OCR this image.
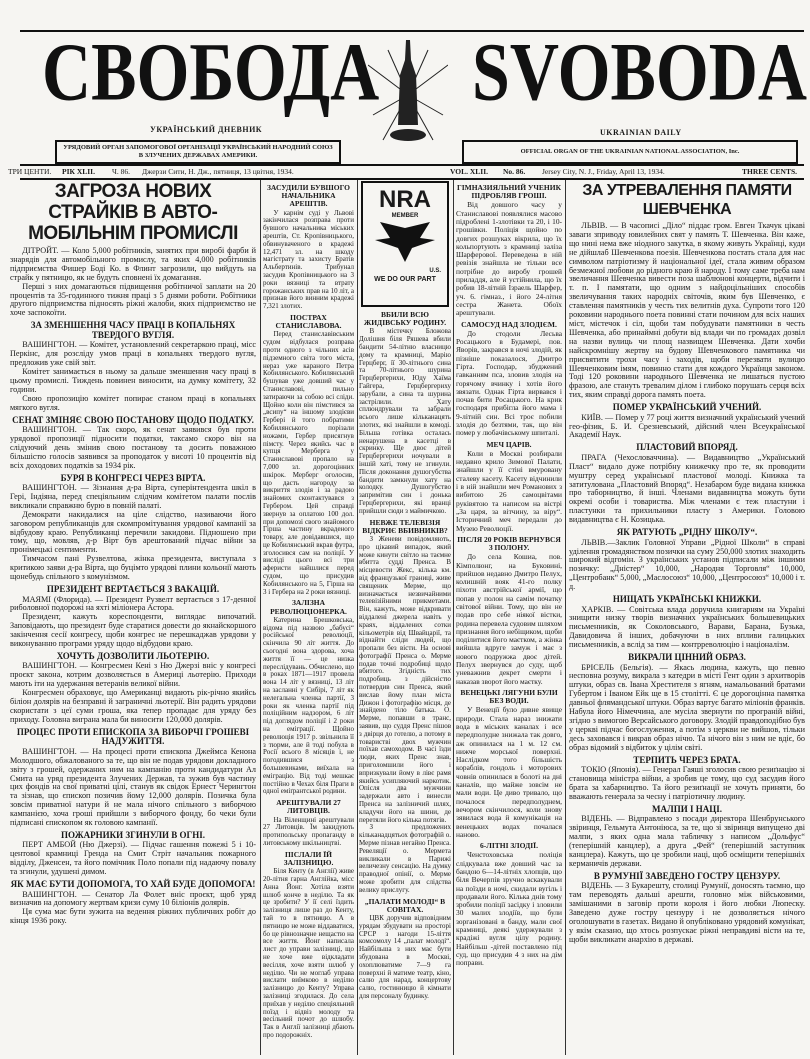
СВОБОДА SVOBODA
УКРАЇНСЬКИЙ ДНЕВНИК	UKRAINIAN DAILY
УРЯДОВИЙ ОРГАН ЗАПОМОГОВОЇ ОРГАНІЗАЦІЇ УКРАЇНСЬКИЙ НАРОДНИЙ СОЮЗ В ЗЛУЧЕНИХ ДЕРЖАВАХ АМЕРИКИ.
OFFICIAL ORGAN OF THE UKRAINIAN NATIONAL ASSOCIATION, Inc.
ТРИ ЦЕНТИ. РІК XLII. Ч. 86. Джерзи Сити, Н. Дж., пятниця, 13 цвітня, 1934.	VOL. XLII. No. 86. Jersey City, N. J., Friday, April 13, 1934.	THREE CENTS.
ЗАГРОЗА НОВИХ СТРАЙКІВ В АВТОМОБІЛЬНІМ ПРОМИСЛІ

ДІТРОЙТ. — Коло 5,000 робітників, занятих при виробі фарби й знарядів для автомобільного промислу, та яких 4,000 робітників підприємства Фишер Боді Ко. в Флинт загрозили, що вийдуть на страйк у пятницю, як не будуть сповнені їх домагання.

Перші з них домагаються підвищення робітничої заплати на 20 процентів та 35-годинного тижня праці з 5 днями роботи. Робітники другого підприємства підносять ріжні жалоби, яких підприємство не хоче заспокоїти.

ЗА ЗМЕНШЕННЯ ЧАСУ ПРАЦІ В КОПАЛЬНЯХ ТВЕРДОГО ВУГЛЯ.

ВАШИНГТОН. — Комітет, установлений секретаркою праці, місс Перкінс, для розсліду умов праці в копальнях твердого вугля, предложив уже свій звіт.

Комітет занимається в ньому за дальше зменшення часу праці в цьому промислі. Тиждень повинен виносити, на думку комітету, 32 години.

Свою пропозицію комітет попирає станом праці в копальнях мягкого вугля.

СЕНАТ ЗМІНЯЄ СВОЮ ПОСТАНОВУ ЩОДО ПОДАТКУ.

ВАШИНГТОН. — Так скоро, як сенат заявився був проти урядової пропозиції підносити податки, таксамо скоро він на слідуючий день змінив свою постанову та досить поважною більшістю голосів заявився за проподаток у висоті 10 процентів від всіх доходових податків за 1934 рік.

БУРЯ В КОНГРЕСІ ЧЕРЕЗ ВІРТА.

ВАШИНГТОН. — Зізнання д-ра Вірта, суперінтендента шкіл в Гері, Індіяна, перед спеціяльним слідчим комітетом палати послів викликали справжню бурю в повній палаті.

Демократи накидалися на ціле слідство, називаючи його заговором републиканців для скомпромітування урядової кампанії за відбудову краю. Републиканці перечили закидови. Підношено при тому, що, мовляв, д-р Вірт був арештований підчас війни за пронімецькі сентименти.

Тимчасом пані Рузвелтова, жінка президента, виступала з критикою заяви д-ра Вірта, що буцімто урядові плини кольонії мають щонебудь спільного з комунізмом.

ПРЕЗИДЕНТ ВЕРТАЄТЬСЯ З ВАКАЦІЙ.

МАЯМІ (Флорида). — Президент Рузвелт вертається з 17-денної риболовної подорожі на яхті міліонера Астора.

Президент, кажуть кореспонденти, виглядає випочатий. Заповідають, що президент буде старатися довести до якнайскоршого закінчення сесії конгресу, щоби конгрес не перешкаджав урядови у виконуванню програми уряду щодо відбудови краю.

ХОЧУТЬ ДОЗВОЛИТИ ЛЬОТЕРІЮ.

ВАШИНГТОН. — Конгресмен Кені з Ню Джерзі вніс у конгресі проєкт закона, котрим дозволяється в Америці льотерію. Приходи мають іти на удержання ветеранів великої війни.

Конгресмен обраховує, що Американці видають рік-річно якийсь біліон долярів на безправні й заграничні льотерії. Він радить урядови скористати з цеї суми гроша, яка тепер пропадає для уряду без приходу. Головна виграна мала би виносити 120,000 долярів.

ПРОЦЕС ПРОТИ ЕПИСКОПА ЗА ВИБОРЧІ ГРОШЕВІ НАДУЖИТТЯ.

ВАШИНГТОН. — На процесі проти єпископа Джеймса Кенона Молодшого, обжалованого за те, що він не подав урядови докладного звіту з грошей, одержаних ним на кампанію проти кандидатури Ал Смита на уряд президента Злучених Держав, та зужив був частину цих фондів на свої приватні цілі, станув як свідок Ернест Черингтон та зізнав, що єпископ позичив йому 12,000 долярів. Позичка була зовсім приватної натури й не мала нічого спільного з виборчою кампанією, хоча гроші прийшли з виборчого фонду, бо чеки були підписані єпископом як головою кампанії.

ПОЖАРНИКИ ЗГИНУЛИ В ОГНІ.

ПЕРТ АМБОЙ (Ню Джерзі). — Підчас гашення пожежі 5 і 10-центової крамниці Гренда на Смит Стріт начальник пожарного відділу, Дженсен, та його помічник Поло попали під надаючу повалу та згинули, удушені димом.

ЯК МАЄ БУТИ ДОПОМОГА, ТО ХАЙ БУДЕ ДОПОМОГА!

ВАШИНГТОН. — Сенатор Ла Фолет вніс проєкт, щоб уряд визначив на допомогу жертвам кризи суму 10 біліонів долярів.

Ця сума має бути зужита на ведення ріжних публичних робіт до кінця 1936 року.

ЗАСУДИЛИ БУВШОГО НАЧАЛЬНИКА АРЕШТІВ.

У карнім суді у Львові закінчилася розправа проти бувшого начальника міських арештів, Ст. Кропівницького, обвинуваченого в крадежі 12,471 зл. на шкоду магістрату та захисту Братів Альбертинів. Трибунал засудив Кропівницького на 3 роки вязниці та втрату горожанських прав на 10 літ, а признав його винним крадежі 7,321 злотих.

ПОСТРАХ СТАНИСЛАВОВА.

Перед станиславівським судом відбулася розправа проти одного з чільних асів підземного світа того міста, нераз уже караного Петра Кобилянського. Кобилянський бушував уже довший час у Станиславові, пильно затираючи за собою всі сліди. Щойно коли він пімстився за „всипу“ на іншому злодієви Гербері й того побратими Кобилянського порізали ножами, Гербер присягнув пімсту. Через якийсь час в купця Мерберга у Станиславові пропало на 7,000 зл. дорогоцінних шкірок. Мерберг оголосив, що дасть нагороду за викриття злодія і за радою знайомих сконтактувався з Гербером. Цей справді звернув за оплатою 100 дол. при допомозі свого знайомого Гірша частину вкраденого товару, але довідавшися, що це Кобилянський вкрав футра, зголосився сам на поліції. У висліді цього всі три аферисти найшлися перед судом, що присудив Кобилянського на 5, Гірша на 3 і Гербера на 2 роки вязниці.

ЗАЛІЗНА РЕВОЛЮЦІОНЕРКА.

Катерина Брешковська, відома під назвою „бабусі“ російської революції, скінчила 90 літ життя. До сьогодні вона здорова, хоча життя її — це низка переслідувань. Обчислено, що в роках 1871—1917 провела вона 14 літ у вязниці, 13 літ на засланні у Сибірі, 7 літ як нелегальна членка партії, 3 роки як членка партії під поліційним надзором, 6 літ під доглядом поліції і 2 роки на еміграції. Щойно революція 1917 р. звільнила її з тюрми, але й тоді побула в Росії всього 8 місяців і, не погодившися з большевиками, виїхала на еміграцію. Від тоді мешкає постійно в Чехах біля Праги в одної еміґрантської родини.

АРЕШТУВАЛИ 27 ЛИТОВЦІВ.

На Віленщині арештували 27 Литовців. Їм закидують протипольську пропаганду в литовському шкільництві.

ПІСЛАЛИ ЇЙ ЗАЛІЗНИЦЮ.

Біля Кенту (в Англії) живе 20-літня гарна Англійка, місс Анна Йонг. Хотіла взяти шлюб конче в неділю. Та як це зробити? У її селі їздить залізниця лише раз до Кенту, тай то в пятницю. А в пятницю не може віддаватися, бо це рівнозначне нещастю на все життя. Йонг написала лист до управи залізниці, що не хоче вже відкладати весілля, хоче взяти шлюб у неділю. Чи не моглаб управа вислати виїмково в неділю залізницю до Кенту? Управа залізниці згодилася. До села приїхав у неділю спеціяльний поїзд і відвіз молоду та весільний почот до шлюбу. Так в Англії залізниці дбають про подорожніх.

NRA
MEMBER
U.S.
WE DO OUR PART
ВБИЛИ ВСЮ ЖИДІВСЬКУ РОДИНУ.

В містечку Бложова Долішня біля Ряшева вбили бандити 54-літню власницю дому та крамниці, Марію Герцберг, її 30-літнього сина та 70-літнього шурина Герцбергерихи, Юду Хаїма Гайгера, Герцбергериху зарубали, а сина та шурина застрілили. Хату сплюндрували та забрали всього лише кільканацять злотих, які знайшли в комоді. Більша готівка осталась ненарушена в касетці в скринку. Ще двоє дітей Герцбергерихи ночували в іншій хаті, тому не згинули. Після доконання душогубства бандити замкнули хату на колодку. Душогубство запримітив син і донька Герцбергерихи, які вранці прийшли сюди з маймичкою.

НЕВЖЕ ТЕЛЕВІЗІЯ ВІДКРИЄ ВБИВНИКІВ?

З Женеви повідомляють, про цікавий випадок, який може кинути світло на таємне вбитта судді Пренса. В місцевости Жекс, кілька км. від французької границі, живе священик Мерме, що визначається незвичайними телевізійними прикметами. Він, кажуть, може відкривати віддалені джерела навіть у краях, віддалених сотки кільометрів від Швайцарії, та віднайти сліди людей, що пропали без вісти. На основі фотографії Пренса о. Мерме подав точні подробиці щодо вбитого. Згідність тих подробиць з дійсністю потвердив син Пренса, який вислав йому план міста Дижон і фотографію місця, де знайдено тіло батька. О. Мерме, попавши в транс, заявив, що суддя Пренс пішов з двірця до готелю, а потому в товаристві двох мужчин поїхав самоходом. В часі їзди люди, яких Пренс знав, приголомшили його і впризкували йому в лівє рамя якийсь усипляючий наркотик. Опісля два мужчини задержали авто і винесли Пренса на залізничий шлях, кладучи його на шини, де перетяли його кілька потягів.

З предложених кільканадцятьох фотографій о. Мерме пізнав негайно Пренса. Ревеляції о. Мермета викликали в Парижі величезну сенсацію. На думку праводної опінії, о. Мерме може зробити для слідства велику прислугу.

„ПАЛАТИ МОЛОДІ“ В СОВІТАХ.

ЦВК доручив відповідним урядам збудувати на просторі СРСР з нагоди 15-ліття комсомолу 14 „палат молоді“. Найбільша з них має бути збудована в Москві, охоплюватиме 7—9 га поверхні й матиме театр, кіно, салю для нарад, концертову салю, гостинницю й кімнати для персоналу будинку.

ГІМНАЗИЯЛЬНИЙ УЧЕНИК ПІДРОБЛЯВ ГРОШІ.

Від довшого часу у Станиславові появлялися масово підроблені 1-злотівки та 20, і 10-грошівки. Поліція щойно по довгих розшуках вікрила, що їх кольпортують з крамниці заліза Шарферової. Переведена в ній ревізія знайшла не тільки все потрібне до виробу грошей приладдя, але й устійнила, що їх робив 18-літній Ізраель Шарфер, уч. 6. гімназ., і його 24-літня сестра Жанета. Обоїх арештували.

САМОСУД НАД ЗЛОДІЄМ.

До стодоли Лесьва Росацького в Будамері, пов. Яворів, закрався в ночі злодій, як пізніше показалося, Дмитро Гірта. Господар, збуджений гавканням пса, зловив злодія на горячому вчинку і хотів його звязати. Однак Гірта вирвався і почав бити Росацького. На крик господаря прибігла його мама і 9-літній син. Всі троє побили злодія до безтями, так, що він помер у любачівському шпиталі.

МЕЧ ЦАРІВ.

Коли в Москві розбирали недавно крило Зимової Палати, знайшли у її стіні вмуровану сталеву касету. Касету відчинили і в ній знайшли меч Романових з вибитою 26 самоцвітами руківятою та написом на вістрі „За царя, за вітчину, за віру“. Історичний меч передали до Музею Революції.

ПІСЛЯ 20 РОКІВ ВЕРНУВСЯ З ПОЛОНУ.

До села Кошиа, пов. Кімполюнг, на Буковині, прийшов недавно Дмитро Пелух, колишній вояк 41-го полку піхоти австрійської армії, що попав у полон на самім початку світової війни. Тому, що він не подав про себе ніякої вістки, родина перевела судовим шляхом признання його небіщиком, щоби поділитися його маєтком, а жінка вийшла вдруге замуж і має з нового подружжа двоє дітей. Пелух звернувся до суду, щоб уневажнив декрет смерти і наказав зворот його маєтку.

ВЕНЕЦЬКІ ЛЯГУНИ БУЛИ БЕЗ ВОДИ.

У Венеції було дивне явище природи. Стала нараз знижати вода в міських каналах і все передполудне знижала так довго, аж опинилася на 1 м. 12 см. нижче морської поверхні. Наслідком того більшість кораблів, гондоль і моторових човнів опинилася в болоті на дні каналів, що майже зовсім не мали води. Це диво тривало, що почалося передполуднем, вечором скінчилося, коли знову зявилася вода й комунікація на венецьких водах почалася наново.

6-ЛІТНІ ЗЛОДІЇ.

Ченстоховська поліція слідкувала вже довший час за бандою 6—14-літніх хлопців, що біля Вечерпів зручно вскакували на поїзди в ночі, скидали вугіль і продавали його. Кілька днів тому зробили поліції засідку і зловили 30 малих злодіїв, що були зорганізовані в банду, мали свої крамниці, деякі удержували з крадіжі вугля цілу родину. Найбільш -дітей поставлено під суд, що присудив 4 з них на дім поправи.

ЗА УТРЕВАЛЕННЯ ПАМЯТИ ШЕВЧЕНКА

ЛЬВІВ. — В часописі „Діло“ піддає гром. Евген Ткачук цікаві заваги зприводу ювилейних свят у память Т. Шевченка. Він каже, що нині нема вже ніодного закутка, в якому живуть Українці, куди не дійшлаб Шевченкова поезія. Шевченкова постать стала для нас символом патріотизму й національної ідеї, стала живим образом безмежної любови до рідного краю й народу. І тому саме треба нам звеличання Шевченка вивести поза шаблюнові концерти, відчити і т. п. І памятати, що одним з найдоцільніших способів звеличування таких народніх світочів, яким був Шевченко, є ставлення памятників у честь тих велитнів духа. Супроти того 120 роковини народнього поета повинні стати почином для всіх наших міст, містечок і сіл, щоби там побудувати памятники в честь Шевченка, або принаймні добути від влади чи по громадах дозвіл на назви вулиць чи площ назвищем Шевченка. Дати хочби найскромнішу жертву на будову Шевченкового памятника чи присвятити трохи часу і заходів, щоби перезвати вулицю Шевченковим імям, повинно стати для кождого Українця законом. Тоді 120 роковини народнього Шевченка не лишаться пустою фразою, але стануть тревалим ділом і глибоко порушать серця всіх тих, яким справді дорога память поета.

ПОМЕР УКРАЇНСЬКИЙ УЧЕНИЙ.

КИЇВ. — Помер у 77 році життя визначний український учений гео-фізик, Б. И. Срезневський, дійсний член Всеукраїнської Академії Наук.

ПЛАСТОВИЙ ВПОРЯД.

ПРАГА (Чехословаччина). — Видавництво „Український Пласт“ видало дуже потрібну книжечку про те, як проводити муштру серед української пластової молоді. Книжка та затитулована „Пластовий Впоряд“. Незабаром буде видана книжка про таборництво, й інші. Членами видавництва можуть бути окремі особи і товариства. Між членами є теж пластуни і пластунки та прихильники пласту з Америки. Головою видавництва є Н. Козицька.

ЯК РАТУЮТЬ „РІДНУ ШКОЛУ“.

ЛЬВІВ.—Заклик Головної Управи „Рідної Школи“ в справі уділення громадянством позички на суму 250,000 злотих знаходить широкий відгомін. З українських установ підписали між іншими позичку: „Дністер“ 10,000, „Народня Торговля“ 10,000, „Центробанк“ 5,000, „Маслосоюз“ 10,000, „Центросоюз“ 10,000 і т. д.

НИЩАТЬ УКРАЇНСЬКІ КНИЖКИ.

ХАРКІВ. — Совітська влада доручила книгарням на Україні знищити низку творів визначних українських большевицьких письменників, як Соколовського, Варави, Барана, Бузька, Давидовича й інших, добачуючи в них впливи галицьких письменників, а вслід за тим — контрреволюцію і націоналізм.

ВИКРАЛИ ЦІННИЙ ОБРАЗ.

БРІСЕЛЬ (Бельгія). — Якась людина, кажуть, що певно несповна розуму, викрала з катедри в місті Гент один з архитворів штуки, образ св. Івана Хрестителя з ягням, намальований братами Губертом і Іваном Ейк ще в 15 столітті. Є це дорогоцінна памятка давньої флямандської штуки. Образ вартує багато міліонів франків. Набула його Німеччина, але мусіла звернути по програній війні, згідно з вимогою Версайського договору. Злодій правдоподібно був у церкві підчас богослуження, а потім з церкви не вийшов, тільки десь заховався і викрав образ нічю. Та нічого він з ним не вдіє, бо образ відомий з відбиток у цілім світі.

ТЕРПИТЬ ЧЕРЕЗ БРАТА.

ТОКІО (Японія). — Генерал Гаяші зголосив свою резиґнацію зі становища міністра війни, а зробив це тому, що суд засудив його брата за хабарництво. Та його резиґнації не хочуть приняти, бо вважають генерала за чесну і патріотичну людину.

МАЛПИ І НАЦІ.

ВІДЕНЬ. — Відправлено з посади директора Шенбрунського звіринця, Гельмута Антоніюса, за те, що зі звіринця випущено дві малпи, з яких одна мала табличку з написом „Дольфус“ (теперішній канцлер), а друга „Фей“ (теперішній заступник канцлера). Кажуть, що це зробили наці, щоб осміщити теперішніх керманичів держави.

В РУМУНІЇ ЗАВЕДЕНО ГОСТРУ ЦЕНЗУРУ.

ВІДЕНЬ. — З Букарешту, столиці Румунії, доносять таємно, що там переводять дальші арешти, головно між військовими, замішаними в заговір проти короля і його любки Люпеску. Заведено дуже гостру цензуру і не дозволяється нічого оголошувати в газетах. Видано й опубліковано урядовий комунікат, у якім сказано, що хтось розпускає ріжні неправдиві вісти на те, щоби викликати анархію в державі.
